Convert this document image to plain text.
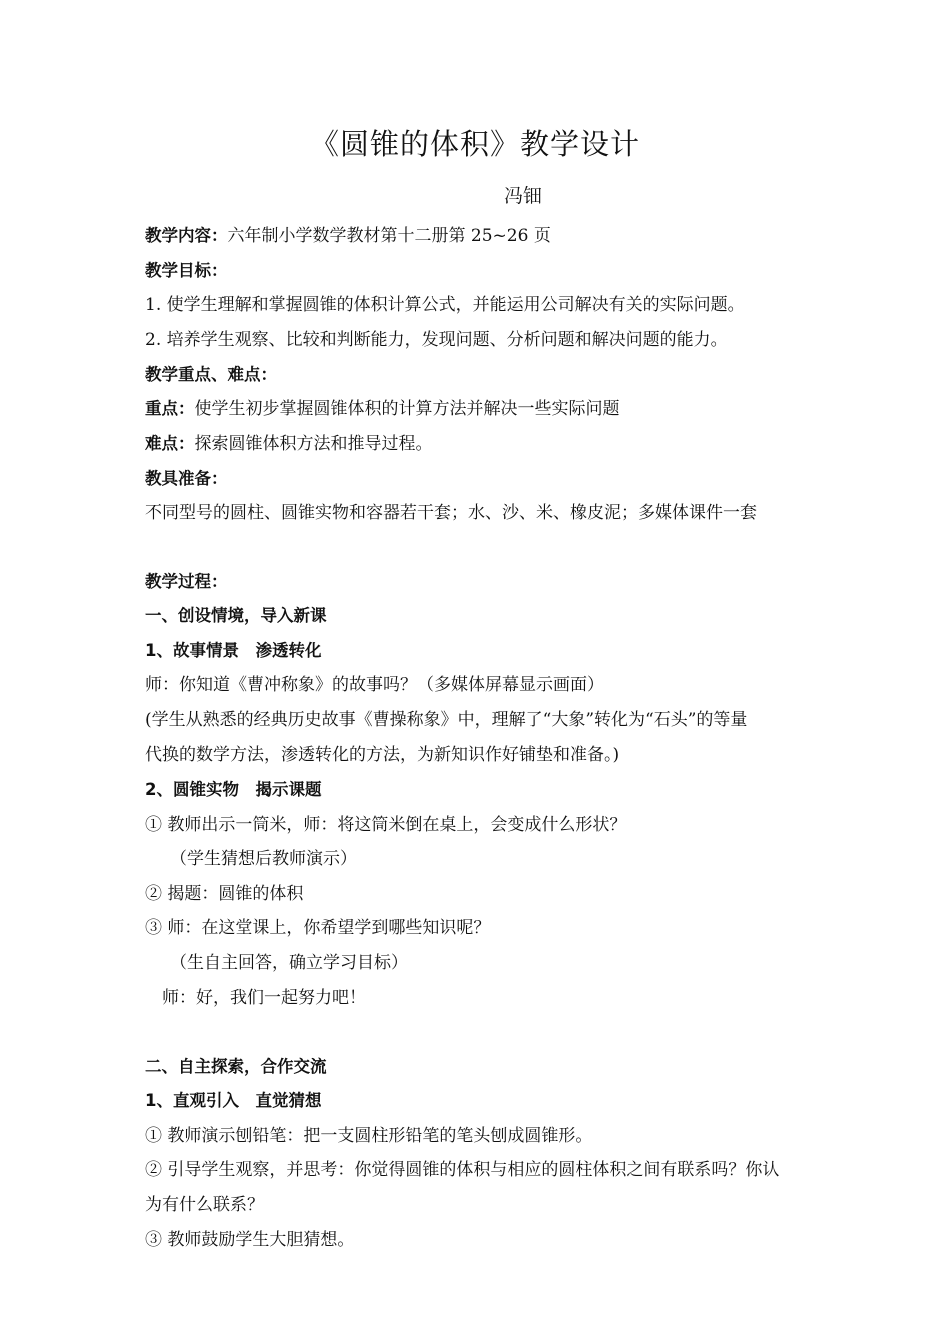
《圆锥的体积》教学设计
冯钿
教学内容：六年制小学数学教材第十二册第 25~26 页
教学目标：
1. 使学生理解和掌握圆锥的体积计算公式，并能运用公司解决有关的实际问题。
2. 培养学生观察、比较和判断能力，发现问题、分析问题和解决问题的能力。
教学重点、难点：
重点：使学生初步掌握圆锥体积的计算方法并解决一些实际问题
难点：探索圆锥体积方法和推导过程。
教具准备：
不同型号的圆柱、圆锥实物和容器若干套；水、沙、米、橡皮泥；多媒体课件一套
教学过程：
一、创设情境，导入新课
1、故事情景　渗透转化
师：你知道《曹冲称象》的故事吗？（多媒体屏幕显示画面）
(学生从熟悉的经典历史故事《曹操称象》中，理解了“大象”转化为“石头”的等量
代换的数学方法，渗透转化的方法，为新知识作好铺垫和准备。)
2、圆锥实物　揭示课题
① 教师出示一筒米，师：将这筒米倒在桌上，会变成什么形状？
（学生猜想后教师演示）
② 揭题：圆锥的体积
③ 师：在这堂课上，你希望学到哪些知识呢？
（生自主回答，确立学习目标）
师：好，我们一起努力吧！
二、自主探索，合作交流
1、直观引入　直觉猜想
① 教师演示刨铅笔：把一支圆柱形铅笔的笔头刨成圆锥形。
② 引导学生观察，并思考：你觉得圆锥的体积与相应的圆柱体积之间有联系吗？你认
为有什么联系？
③ 教师鼓励学生大胆猜想。
